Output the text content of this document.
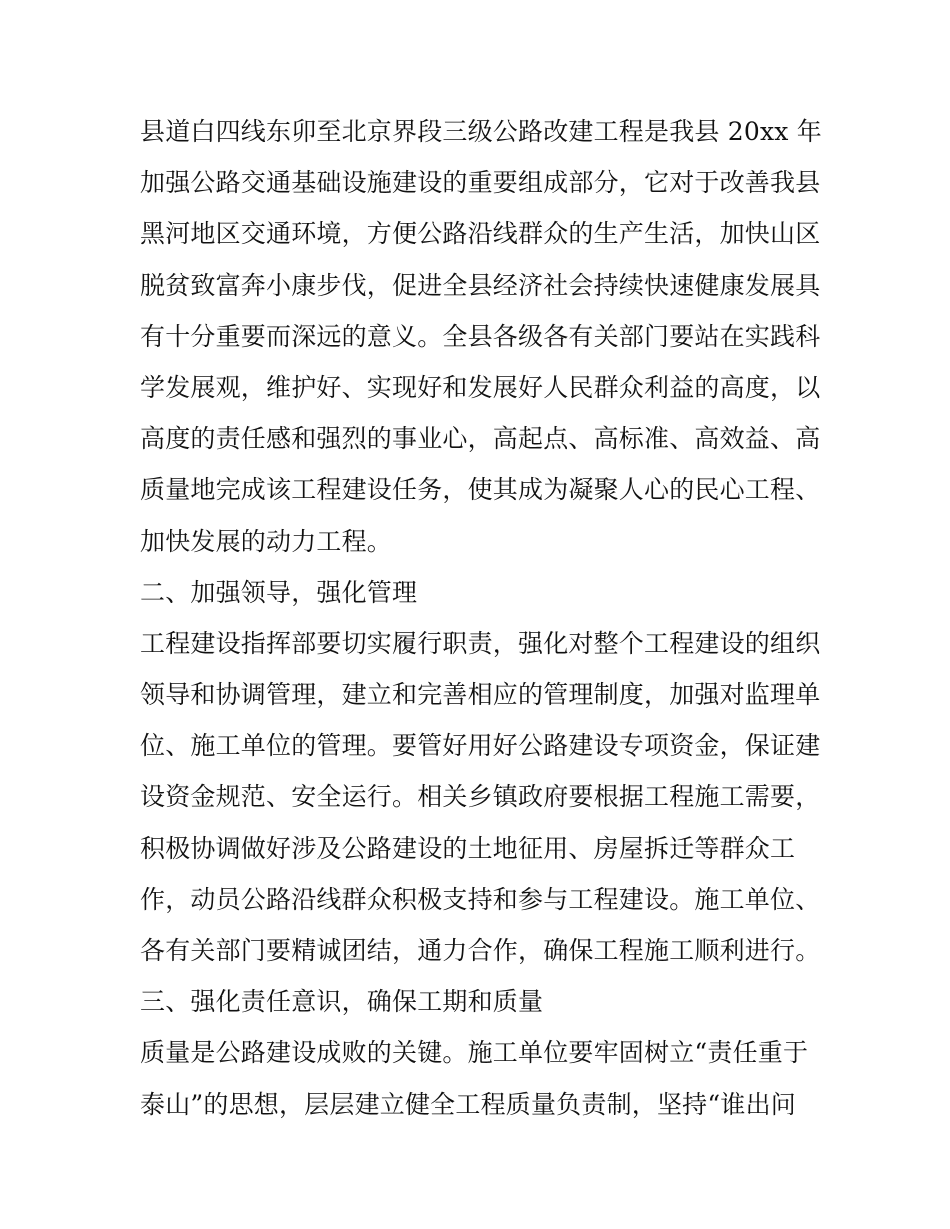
县道白四线东卯至北京界段三级公路改建工程是我县 20xx 年
加强公路交通基础设施建设的重要组成部分，它对于改善我县
黑河地区交通环境，方便公路沿线群众的生产生活，加快山区
脱贫致富奔小康步伐，促进全县经济社会持续快速健康发展具
有十分重要而深远的意义。全县各级各有关部门要站在实践科
学发展观，维护好、实现好和发展好人民群众利益的高度，以
高度的责任感和强烈的事业心，高起点、高标准、高效益、高
质量地完成该工程建设任务，使其成为凝聚人心的民心工程、
加快发展的动力工程。
二、加强领导，强化管理
工程建设指挥部要切实履行职责，强化对整个工程建设的组织
领导和协调管理，建立和完善相应的管理制度，加强对监理单
位、施工单位的管理。要管好用好公路建设专项资金，保证建
设资金规范、安全运行。相关乡镇政府要根据工程施工需要，
积极协调做好涉及公路建设的土地征用、房屋拆迁等群众工
作，动员公路沿线群众积极支持和参与工程建设。施工单位、
各有关部门要精诚团结，通力合作，确保工程施工顺利进行。
三、强化责任意识，确保工期和质量
质量是公路建设成败的关键。施工单位要牢固树立“责任重于
泰山”的思想，层层建立健全工程质量负责制，坚持“谁出问
